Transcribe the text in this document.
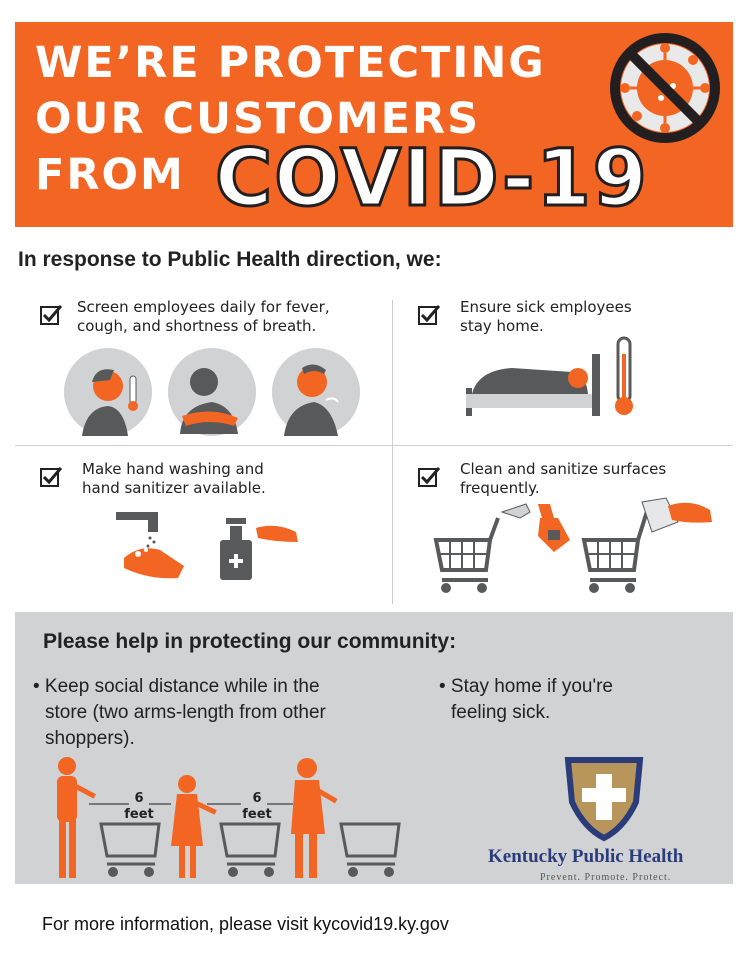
WE’RE PROTECTING
OUR CUSTOMERS
FROM COVID-19
In response to Public Health direction, we:
Screen employees daily for fever,
cough, and shortness of breath.
Ensure sick employees
stay home.
Make hand washing and
hand sanitizer available.
Clean and sanitize surfaces
frequently.
Please help in protecting our community:
• Keep social distance while in the
store (two arms-length from other
shoppers).
• Stay home if you're
feeling sick.
6
feet
6
feet
Kentucky Public Health
Prevent. Promote. Protect.
For more information, please visit kycovid19.ky.gov
